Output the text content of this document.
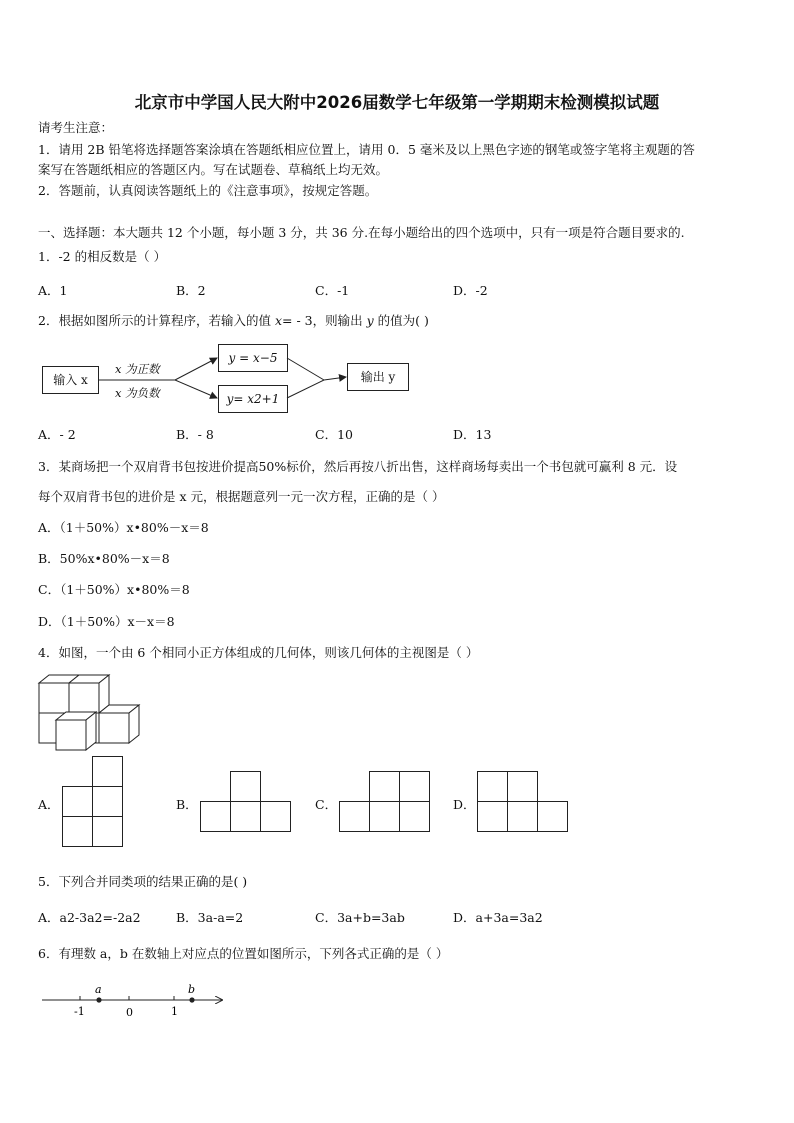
北京市中学国人民大附中2026届数学七年级第一学期期末检测模拟试题
请考生注意：
1．请用 2B 铅笔将选择题答案涂填在答题纸相应位置上，请用 0．5 毫米及以上黑色字迹的钢笔或签字笔将主观题的答
案写在答题纸相应的答题区内。写在试题卷、草稿纸上均无效。
2．答题前，认真阅读答题纸上的《注意事项》，按规定答题。
一、选择题：本大题共 12 个小题，每小题 3 分，共 36 分.在每小题给出的四个选项中，只有一项是符合题目要求的.
1．-2 的相反数是（ ）
A．1	B．2	C．-1	D．-2
2．根据如图所示的计算程序，若输入的值 x= - 3，则输出 y 的值为( )
输入 x
x 为正数
x 为负数
y = x−5
y= x2+1
输出 y
A．- 2	B．- 8	C．10	D．13
3．某商场把一个双肩背书包按进价提高50%标价，然后再按八折出售，这样商场每卖出一个书包就可赢利 8 元．设
每个双肩背书包的进价是 x 元，根据题意列一元一次方程，正确的是（ ）
A．（1＋50%）x•80%－x＝8
B．50%x•80%－x＝8
C．（1＋50%）x•80%＝8
D．（1＋50%）x－x＝8
4．如图，一个由 6 个相同小正方体组成的几何体，则该几何体的主视图是（ ）
A．	B．	C．	D．
5．下列合并同类项的结果正确的是( )
A．a2-3a2=-2a2	B．3a-a=2	C．3a+b=3ab	D．a+3a=3a2
6．有理数 a，b 在数轴上对应点的位置如图所示，下列各式正确的是（ ）
a	b
-1	0	1
